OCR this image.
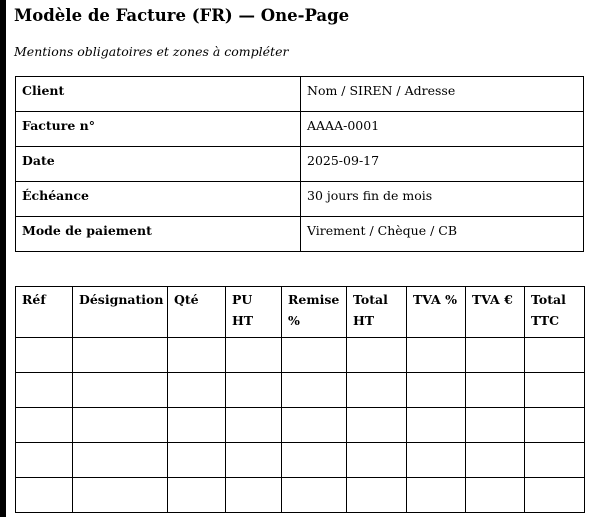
Modèle de Facture (FR) — One-Page
Mentions obligatoires et zones à compléter
Client	Nom / SIREN / Adresse
Facture n°	AAAA-0001
Date	2025-09-17
Échéance	30 jours fin de mois
Mode de paiement	Virement / Chèque / CB
Réf	Désignation	Qté	PU HT	Remise %	Total HT	TVA %	TVA €	Total TTC
